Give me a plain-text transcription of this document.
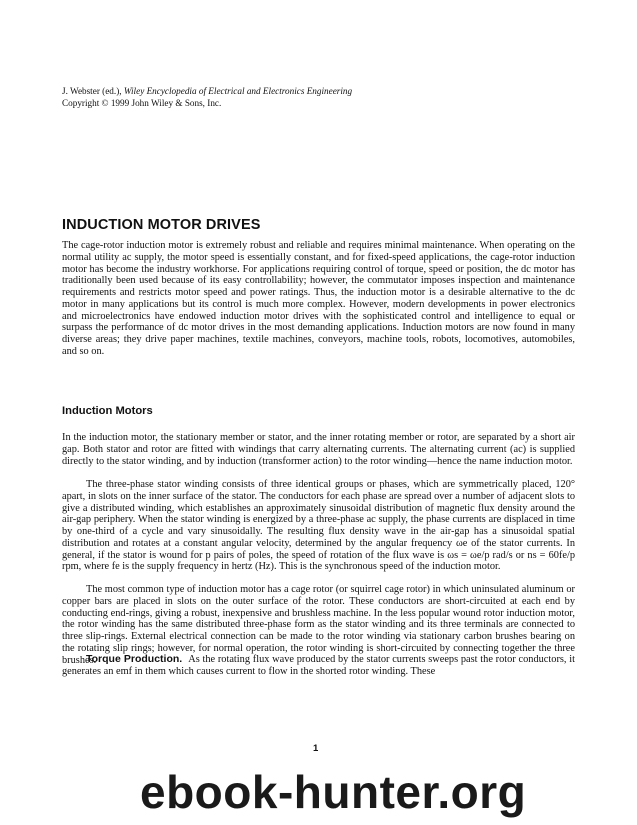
J. Webster (ed.), Wiley Encyclopedia of Electrical and Electronics Engineering
Copyright © 1999 John Wiley & Sons, Inc.
INDUCTION MOTOR DRIVES

The cage-rotor induction motor is extremely robust and reliable and requires minimal maintenance. When operating on the normal utility ac supply, the motor speed is essentially constant, and for fixed-speed applications, the cage-rotor induction motor has become the industry workhorse. For applications requiring control of torque, speed or position, the dc motor has traditionally been used because of its easy controllability; however, the commutator imposes inspection and maintenance requirements and restricts motor speed and power ratings. Thus, the induction motor is a desirable alternative to the dc motor in many applications but its control is much more complex. However, modern developments in power electronics and microelectronics have endowed induction motor drives with the sophisticated control and intelligence to equal or surpass the performance of dc motor drives in the most demanding applications. Induction motors are now found in many diverse areas; they drive paper machines, textile machines, conveyors, machine tools, robots, locomotives, automobiles, and so on.

Induction Motors

In the induction motor, the stationary member or stator, and the inner rotating member or rotor, are separated by a short air gap. Both stator and rotor are fitted with windings that carry alternating currents. The alternating current (ac) is supplied directly to the stator winding, and by induction (transformer action) to the rotor winding—hence the name induction motor.

The three-phase stator winding consists of three identical groups or phases, which are symmetrically placed, 120° apart, in slots on the inner surface of the stator. The conductors for each phase are spread over a number of adjacent slots to give a distributed winding, which establishes an approximately sinusoidal distribution of magnetic flux density around the air-gap periphery. When the stator winding is energized by a three-phase ac supply, the phase currents are displaced in time by one-third of a cycle and vary sinusoidally. The resulting flux density wave in the air-gap has a sinusoidal spatial distribution and rotates at a constant angular velocity, determined by the angular frequency ωe of the stator currents. In general, if the stator is wound for p pairs of poles, the speed of rotation of the flux wave is ωs = ωe/p rad/s or ns = 60fe/p rpm, where fe is the supply frequency in hertz (Hz). This is the synchronous speed of the induction motor.

The most common type of induction motor has a cage rotor (or squirrel cage rotor) in which uninsulated aluminum or copper bars are placed in slots on the outer surface of the rotor. These conductors are short-circuited at each end by conducting end-rings, giving a robust, inexpensive and brushless machine. In the less popular wound rotor induction motor, the rotor winding has the same distributed three-phase form as the stator winding and its three terminals are connected to three slip-rings. External electrical connection can be made to the rotor winding via stationary carbon brushes bearing on the rotating slip rings; however, for normal operation, the rotor winding is short-circuited by connecting together the three brushes.

Torque Production. As the rotating flux wave produced by the stator currents sweeps past the rotor conductors, it generates an emf in them which causes current to flow in the shorted rotor winding. These

1
ebook-hunter.org
